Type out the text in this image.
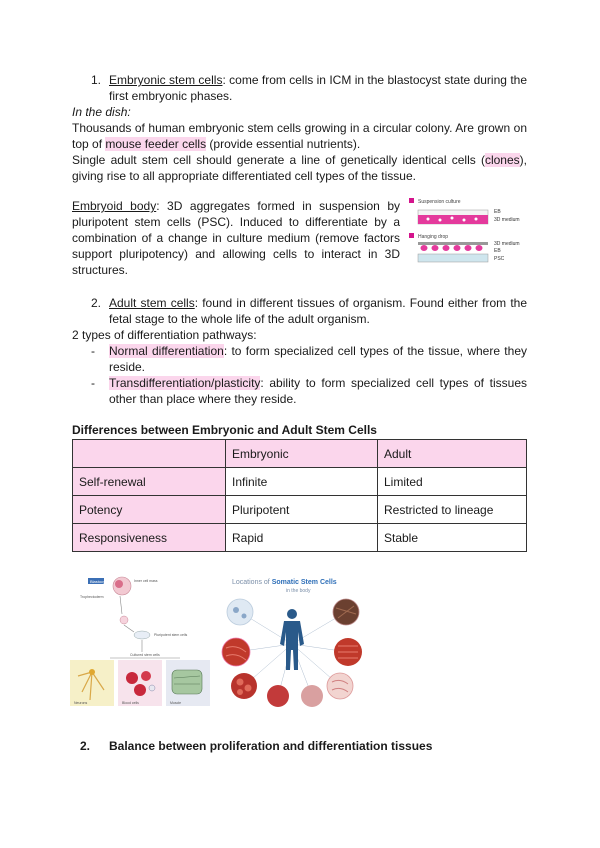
1. Embryonic stem cells: come from cells in ICM in the blastocyst state during the first embryonic phases.
In the dish:
Thousands of human embryonic stem cells growing in a circular colony. Are grown on top of mouse feeder cells (provide essential nutrients).
Single adult stem cell should generate a line of genetically identical cells (clones), giving rise to all appropriate differentiated cell types of the tissue.
Embryoid body: 3D aggregates formed in suspension by pluripotent stem cells (PSC). Induced to differentiate by a combination of a change in culture medium (remove factors support pluripotency) and allowing cells to interact in 3D structures.
Suspension culture
EB
3D medium
Hanging drop
3D medium
EB
PSC
2. Adult stem cells: found in different tissues of organism. Found either from the fetal stage to the whole life of the adult organism.
2 types of differentiation pathways:
- Normal differentiation: to form specialized cell types of the tissue, where they reside.
- Transdifferentiation/plasticity: ability to form specialized cell types of tissues other than place where they reside.
Differences between Embryonic and Adult Stem Cells
	Embryonic	Adult
Self-renewal	Infinite	Limited
Potency	Pluripotent	Restricted to lineage
Responsiveness	Rapid	Stable
Blastocyst	Inner cell mass
Trophectoderm
Pluripotent stem cells
Cultured stem cells
Neurons	Blood cells	Muscle
Locations of Somatic Stem Cells
in the body
2. Balance between proliferation and differentiation tissues
